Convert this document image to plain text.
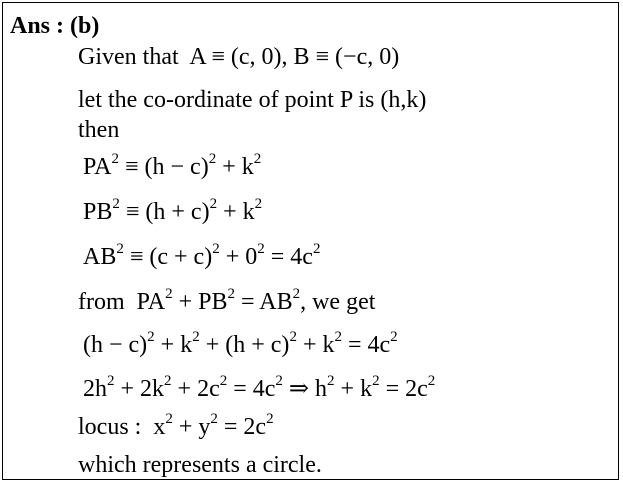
Ans : (b)
Given that A ≡ (c, 0), B ≡ (−c, 0)
let the co-ordinate of point P is (h,k)
then
$PA^2 \equiv (h - c)^2 + k^2$
$PB^2 \equiv (h + c)^2 + k^2$
$AB^2 \equiv (c + c)^2 + 0^2 = 4c^2$
from $PA^2 + PB^2 = AB^2$, we get
$(h - c)^2 + k^2 + (h + c)^2 + k^2 = 4c^2$
$2h^2 + 2k^2 + 2c^2 = 4c^2$ ⇒ $h^2 + k^2 = 2c^2$
locus : $x^2 + y^2 = 2c^2$
which represents a circle.
